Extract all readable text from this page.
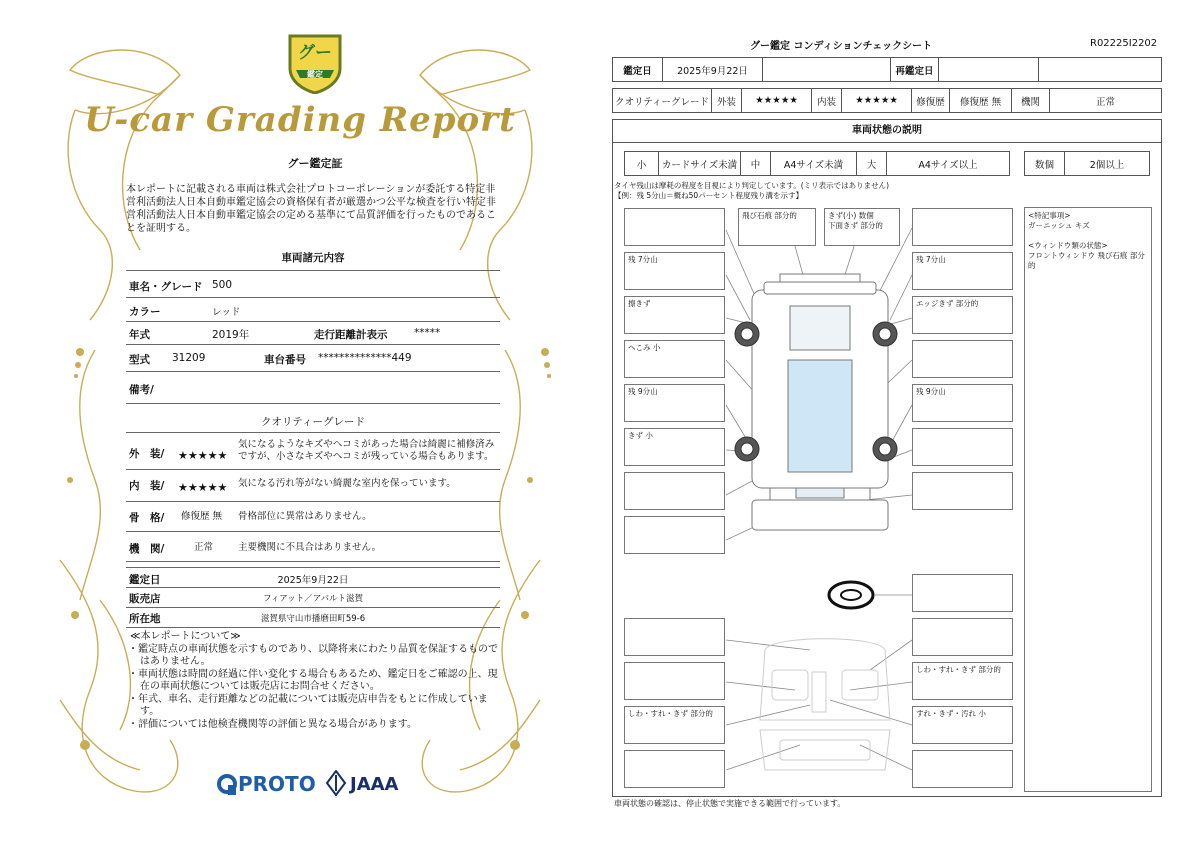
グー
鑑定
U-car Grading Report
グー鑑定証
本レポートに記載される車両は株式会社プロトコーポレーションが委託する特定非営利活動法人日本自動車鑑定協会の資格保有者が厳選かつ公平な検査を行い特定非営利活動法人日本自動車鑑定協会の定める基準にて品質評価を行ったものであることを証明する。
車両諸元内容
車名・グレード 500
カラー	レッド
年式	2019年	走行距離計表示	*****
型式 31209	車台番号 **************449
備考/
クオリティーグレード
外　装/ ★★★★★
気になるようなキズやヘコミがあった場合は綺麗に補修済みですが、小さなキズやヘコミが残っている場合もあります。
内　装/ ★★★★★ 気になる汚れ等がない綺麗な室内を保っています。
骨　格/ 修復歴 無 骨格部位に異常はありません。
機　関/	正常	主要機関に不具合はありません。
鑑定日	2025年9月22日
販売店	フィアット／アバルト滋賀
所在地	滋賀県守山市播磨田町59-6
≪本レポートについて≫
・鑑定時点の車両状態を示すものであり、以降将来にわたり品質を保証するものではありません。
・車両状態は時間の経過に伴い変化する場合もあるため、鑑定日をご確認の上、現在の車両状態については販売店にお問合せください。
・年式、車名、走行距離などの記載については販売店申告をもとに作成しています。
・評価については他検査機関等の評価と異なる場合があります。
PROTO JAAA
グー鑑定 コンディションチェックシート	R02225I2202
鑑定日	2025年9月22日		再鑑定日		
クオリティーグレード	外装	★★★★★	内装	★★★★★	修復歴	修復歴 無	機関	正常
車両状態の説明
小	カードサイズ未満	中	A4サイズ未満	大	A4サイズ以上	数個	2個以上
タイヤ残山は摩耗の程度を目視により判定しています。(ミリ表示ではありません)
【例：残 5分山＝概ね50パーセント程度残り溝を示す】
残 7分山
擦きず
へこみ 小
残 9分山
きず 小
しわ・すれ・きず 部分的
飛び石痕 部分的	きず(小) 数個
下面きず 部分的
残 7分山
エッジきず 部分的
残 9分山
しわ・すれ・きず 部分的
すれ・きず・汚れ 小
<特記事項>
ガーニッシュ キズ
<ウィンドウ類の状態>
フロントウィンドウ 飛び石痕 部分的
車両状態の確認は、停止状態で実施できる範囲で行っています。
